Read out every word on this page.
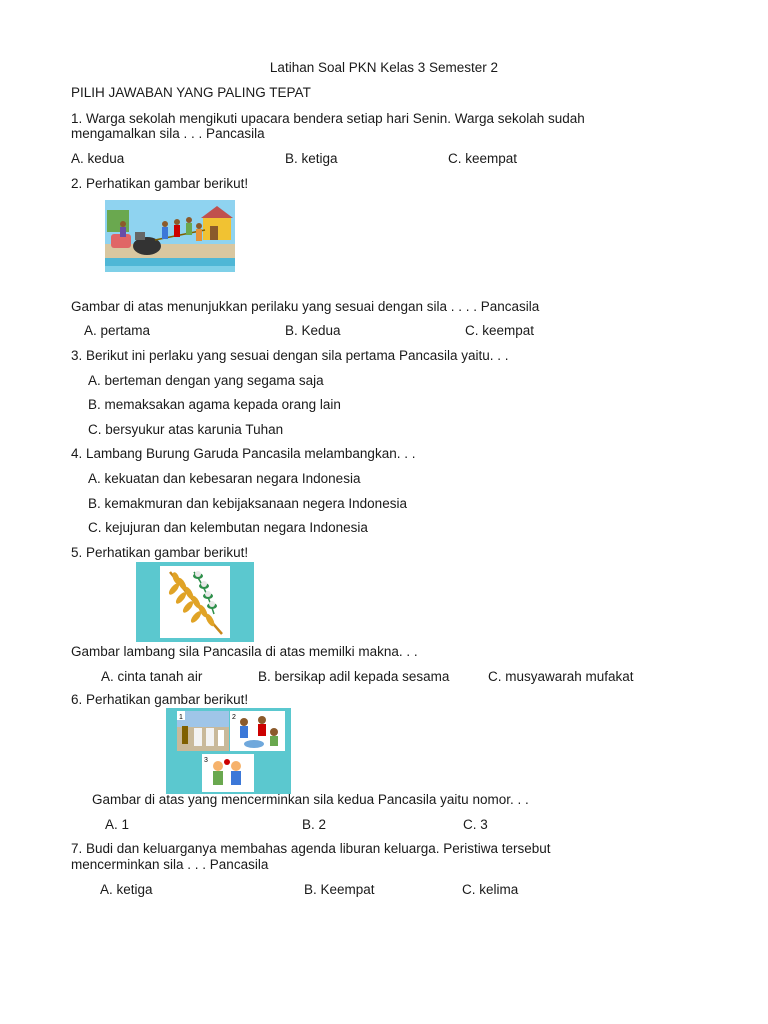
Latihan Soal PKN Kelas 3 Semester 2
PILIH JAWABAN YANG PALING TEPAT
1. Warga sekolah mengikuti upacara bendera setiap hari Senin. Warga sekolah sudah
mengamalkan sila . . . Pancasila
A. kedua	B. ketiga	C. keempat
2. Perhatikan gambar berikut!
Gambar di atas menunjukkan perilaku yang sesuai dengan sila . . . . Pancasila
A. pertama	B. Kedua	C. keempat
3. Berikut ini perlaku yang sesuai dengan sila pertama Pancasila yaitu. . .
A. berteman dengan yang segama saja
B. memaksakan agama kepada orang lain
C. bersyukur atas karunia Tuhan
4. Lambang Burung Garuda Pancasila melambangkan. . .
A. kekuatan dan kebesaran negara Indonesia
B. kemakmuran dan kebijaksanaan negera Indonesia
C. kejujuran dan kelembutan negara Indonesia
5. Perhatikan gambar berikut!
Gambar lambang sila Pancasila di atas memilki makna. . .
A. cinta tanah air	B. bersikap adil kepada sesama	C. musyawarah mufakat
1	2
3
6. Perhatikan gambar berikut!
Gambar di atas yang mencerminkan sila kedua Pancasila yaitu nomor. . .
A. 1	B. 2	C. 3
7. Budi dan keluarganya membahas agenda liburan keluarga. Peristiwa tersebut
mencerminkan sila . . . Pancasila
A. ketiga	B. Keempat	C. kelima
